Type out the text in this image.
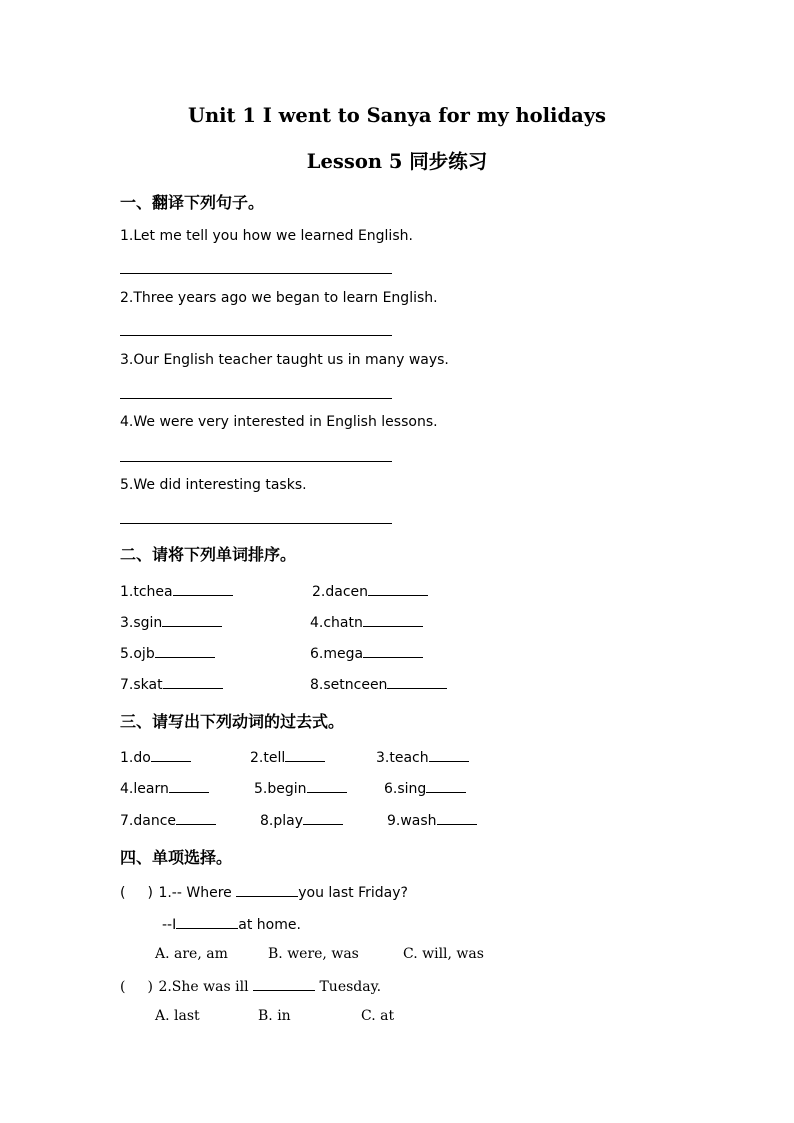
Unit 1 I went to Sanya for my holidays
Lesson 5 同步练习
一、翻译下列句子。
1.Let me tell you how we learned English.
2.Three years ago we began to learn English.
3.Our English teacher taught us in many ways.
4.We were very interested in English lessons.
5.We did interesting tasks.
二、请将下列单词排序。
1.tchea	2.dacen
3.sgin	4.chatn
5.ojb	6.mega
7.skat	8.setnceen
三、请写出下列动词的过去式。
1.do	2.tell	3.teach
4.learn	5.begin	6.sing
7.dance	8.play	9.wash
四、单项选择。
( ) 1.-- Where	you last Friday?
--I	at home.
A. are, am	B. were, was	C. will, was
( ) 2.She was ill	Tuesday.
A. last	B. in	C. at
